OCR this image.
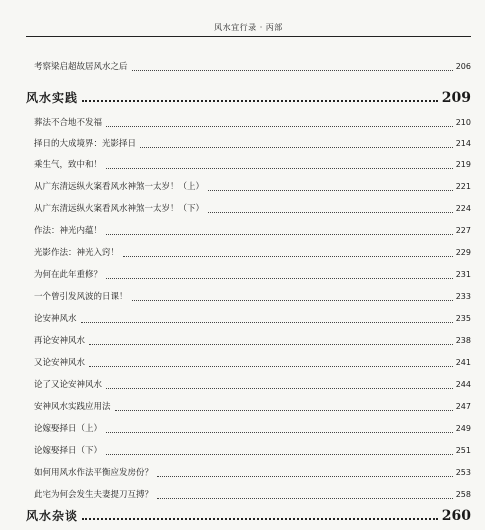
风水宜行录 · 丙部
考察梁启超故居风水之后	206
风水实践	209
葬法不合地不发福	210
择日的大成境界：光影择日	214
乘生气，致中和！	219
从广东清远纵火案看风水神煞一太岁！（上）	221
从广东清远纵火案看风水神煞一太岁！（下）	224
作法：神光内蕴！	227
光影作法：神光入窍！	229
为何在此年重修？	231
一个曾引发风波的日课！	233
论安神风水	235
再论安神风水	238
又论安神风水	241
论了又论安神风水	244
安神风水实践应用法	247
论嫁娶择日（上）	249
论嫁娶择日（下）	251
如何用风水作法平衡应发房份？	253
此宅为何会发生夫妻提刀互搏？	258
风水杂谈	260
